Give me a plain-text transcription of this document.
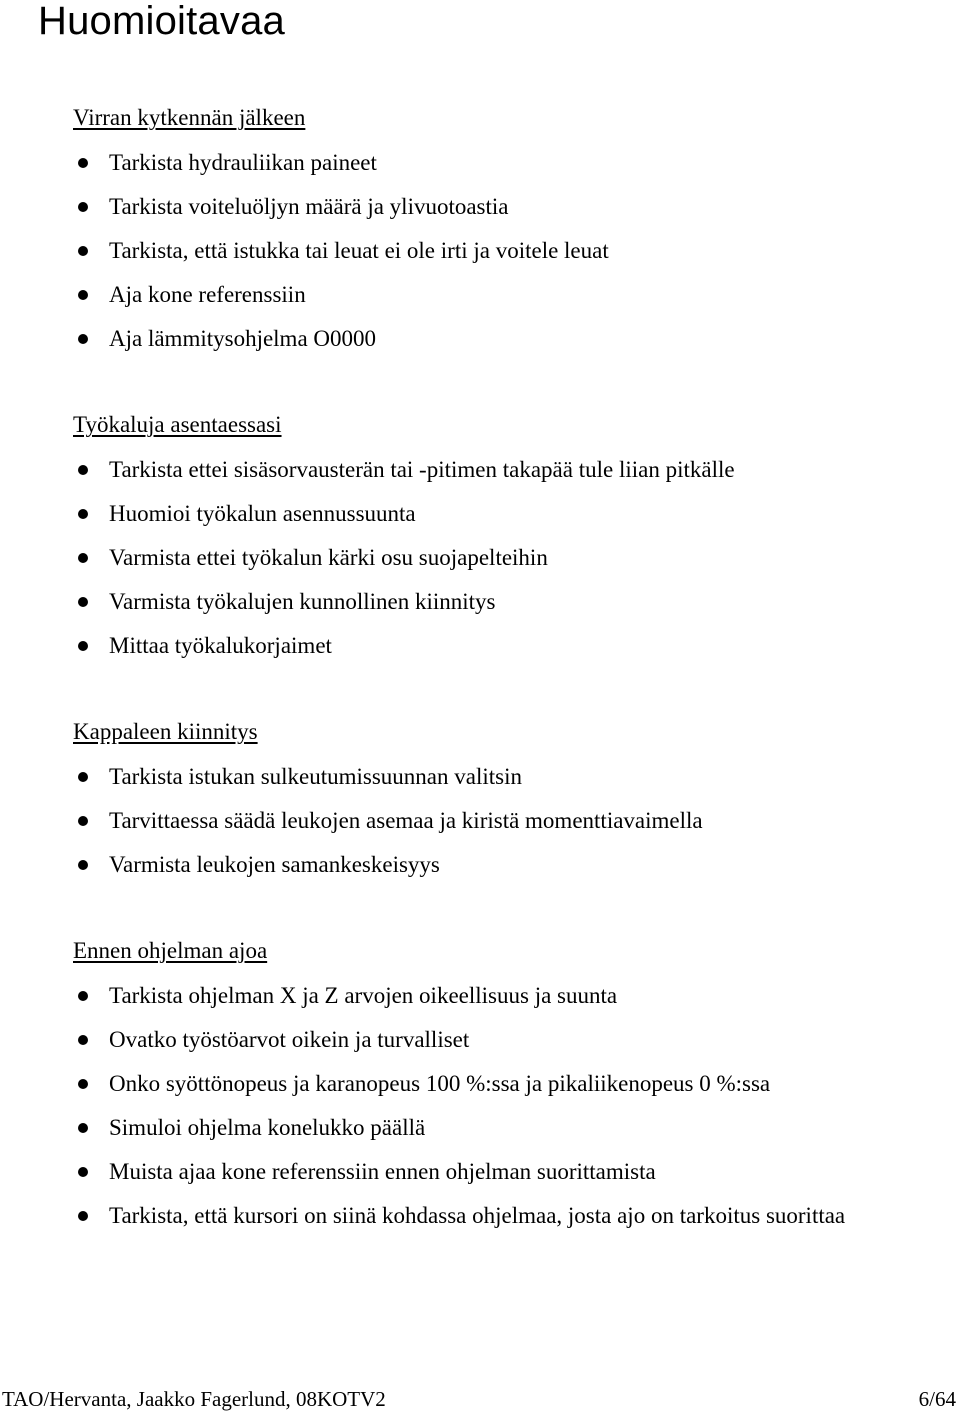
Huomioitavaa
Virran kytkennän jälkeen
Tarkista hydrauliikan paineet
Tarkista voiteluöljyn määrä ja ylivuotoastia
Tarkista, että istukka tai leuat ei ole irti ja voitele leuat
Aja kone referenssiin
Aja lämmitysohjelma O0000
Työkaluja asentaessasi
Tarkista ettei sisäsorvausterän tai -pitimen takapää tule liian pitkälle
Huomioi työkalun asennussuunta
Varmista ettei työkalun kärki osu suojapelteihin
Varmista työkalujen kunnollinen kiinnitys
Mittaa työkalukorjaimet
Kappaleen kiinnitys
Tarkista istukan sulkeutumissuunnan valitsin
Tarvittaessa säädä leukojen asemaa ja kiristä momenttiavaimella
Varmista leukojen samankeskeisyys
Ennen ohjelman ajoa
Tarkista ohjelman X ja Z arvojen oikeellisuus ja suunta
Ovatko työstöarvot oikein ja turvalliset
Onko syöttönopeus ja karanopeus 100 %:ssa ja pikaliikenopeus 0 %:ssa
Simuloi ohjelma konelukko päällä
Muista ajaa kone referenssiin ennen ohjelman suorittamista
Tarkista, että kursori on siinä kohdassa ohjelmaa, josta ajo on tarkoitus suorittaa
TAO/Hervanta, Jaakko Fagerlund, 08KOTV2	6/64
